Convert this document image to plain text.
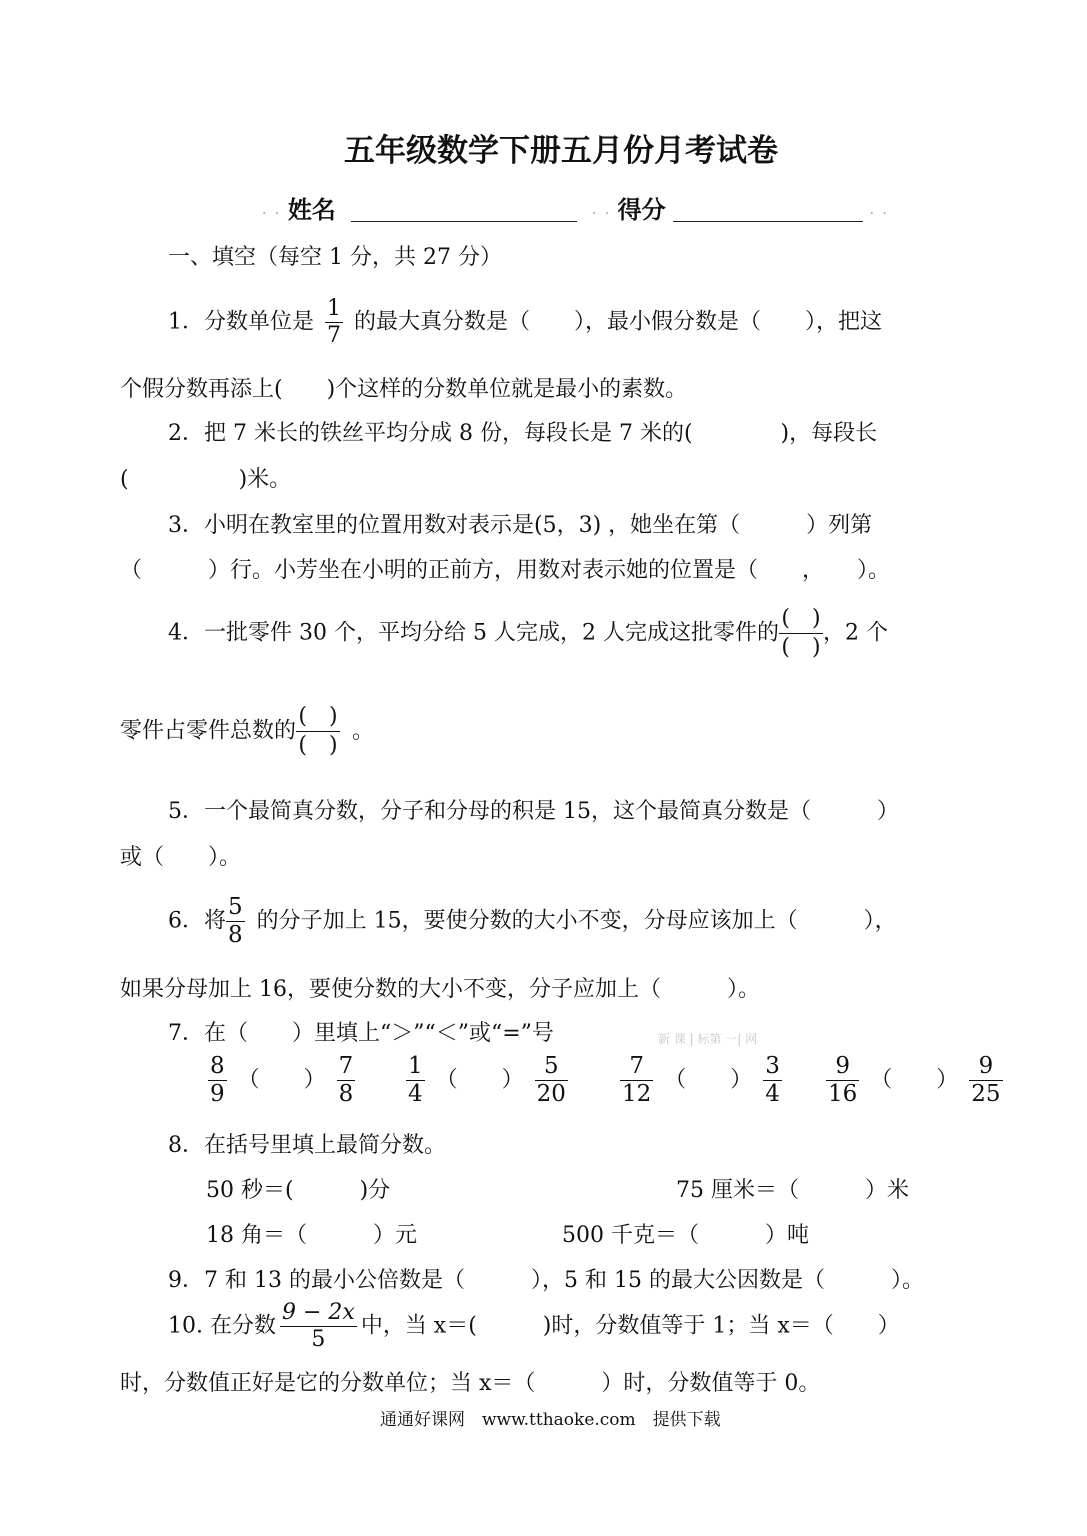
五年级数学下册五月份月考试卷
· · 姓名	· · 得分	· ·
一、填空（每空 1 分，共 27 分）
1．分数单位是 $\frac{1}{7}$ 的最大真分数是（　　），最小假分数是（　　），把这
个假分数再添上(　　)个这样的分数单位就是最小的素数。
2．把 7 米长的铁丝平均分成 8 份，每段长是 7 米的(　　　　)，每段长
(　　　　　)米。
3．小明在教室里的位置用数对表示是(5，3) ，她坐在第（　　　）列第
（　　　）行。小芳坐在小明的正前方，用数对表示她的位置是（　　，　　）。
4．一批零件 30 个，平均分给 5 人完成，2 人完成这批零件的(　)
(　)，2 个
零件占零件总数的(　)
(　)。
5．一个最简真分数，分子和分母的积是 15，这个最简真分数是（　　　）
或（　　）。
6．将 $\frac{5}{8}$ 的分子加上 15，要使分数的大小不变，分母应该加上（　　　），
如果分母加上 16，要使分数的大小不变，分子应加上（　　　）。
7．在（　　）里填上“＞”“＜”或“=”号	新 课 | 标第 一| 网
$\frac{8}{9}$ （　　） $\frac{7}{8} \frac{1}{4}$ （　　） $\frac{5}{20} \frac{7}{12}$ （　　） $\frac{3}{4} \frac{9}{16}$ （　　） $\frac{9}{25}$
8．在括号里填上最简分数。
50 秒＝(　　　)分	75 厘米＝（　　　）米
18 角＝（　　　）元	500 千克＝（　　　）吨
9．7 和 13 的最小公倍数是（　　　），5 和 15 的最大公因数是（　　　）。
10. 在分数 $\frac{9 - 2x}{5}$ 中，当 x＝(　　　)时，分数值等于 1；当 x＝（　　）
时，分数值正好是它的分数单位；当 x＝（　　　）时，分数值等于 0。
通通好课网　www.tthaoke.com　提供下载
